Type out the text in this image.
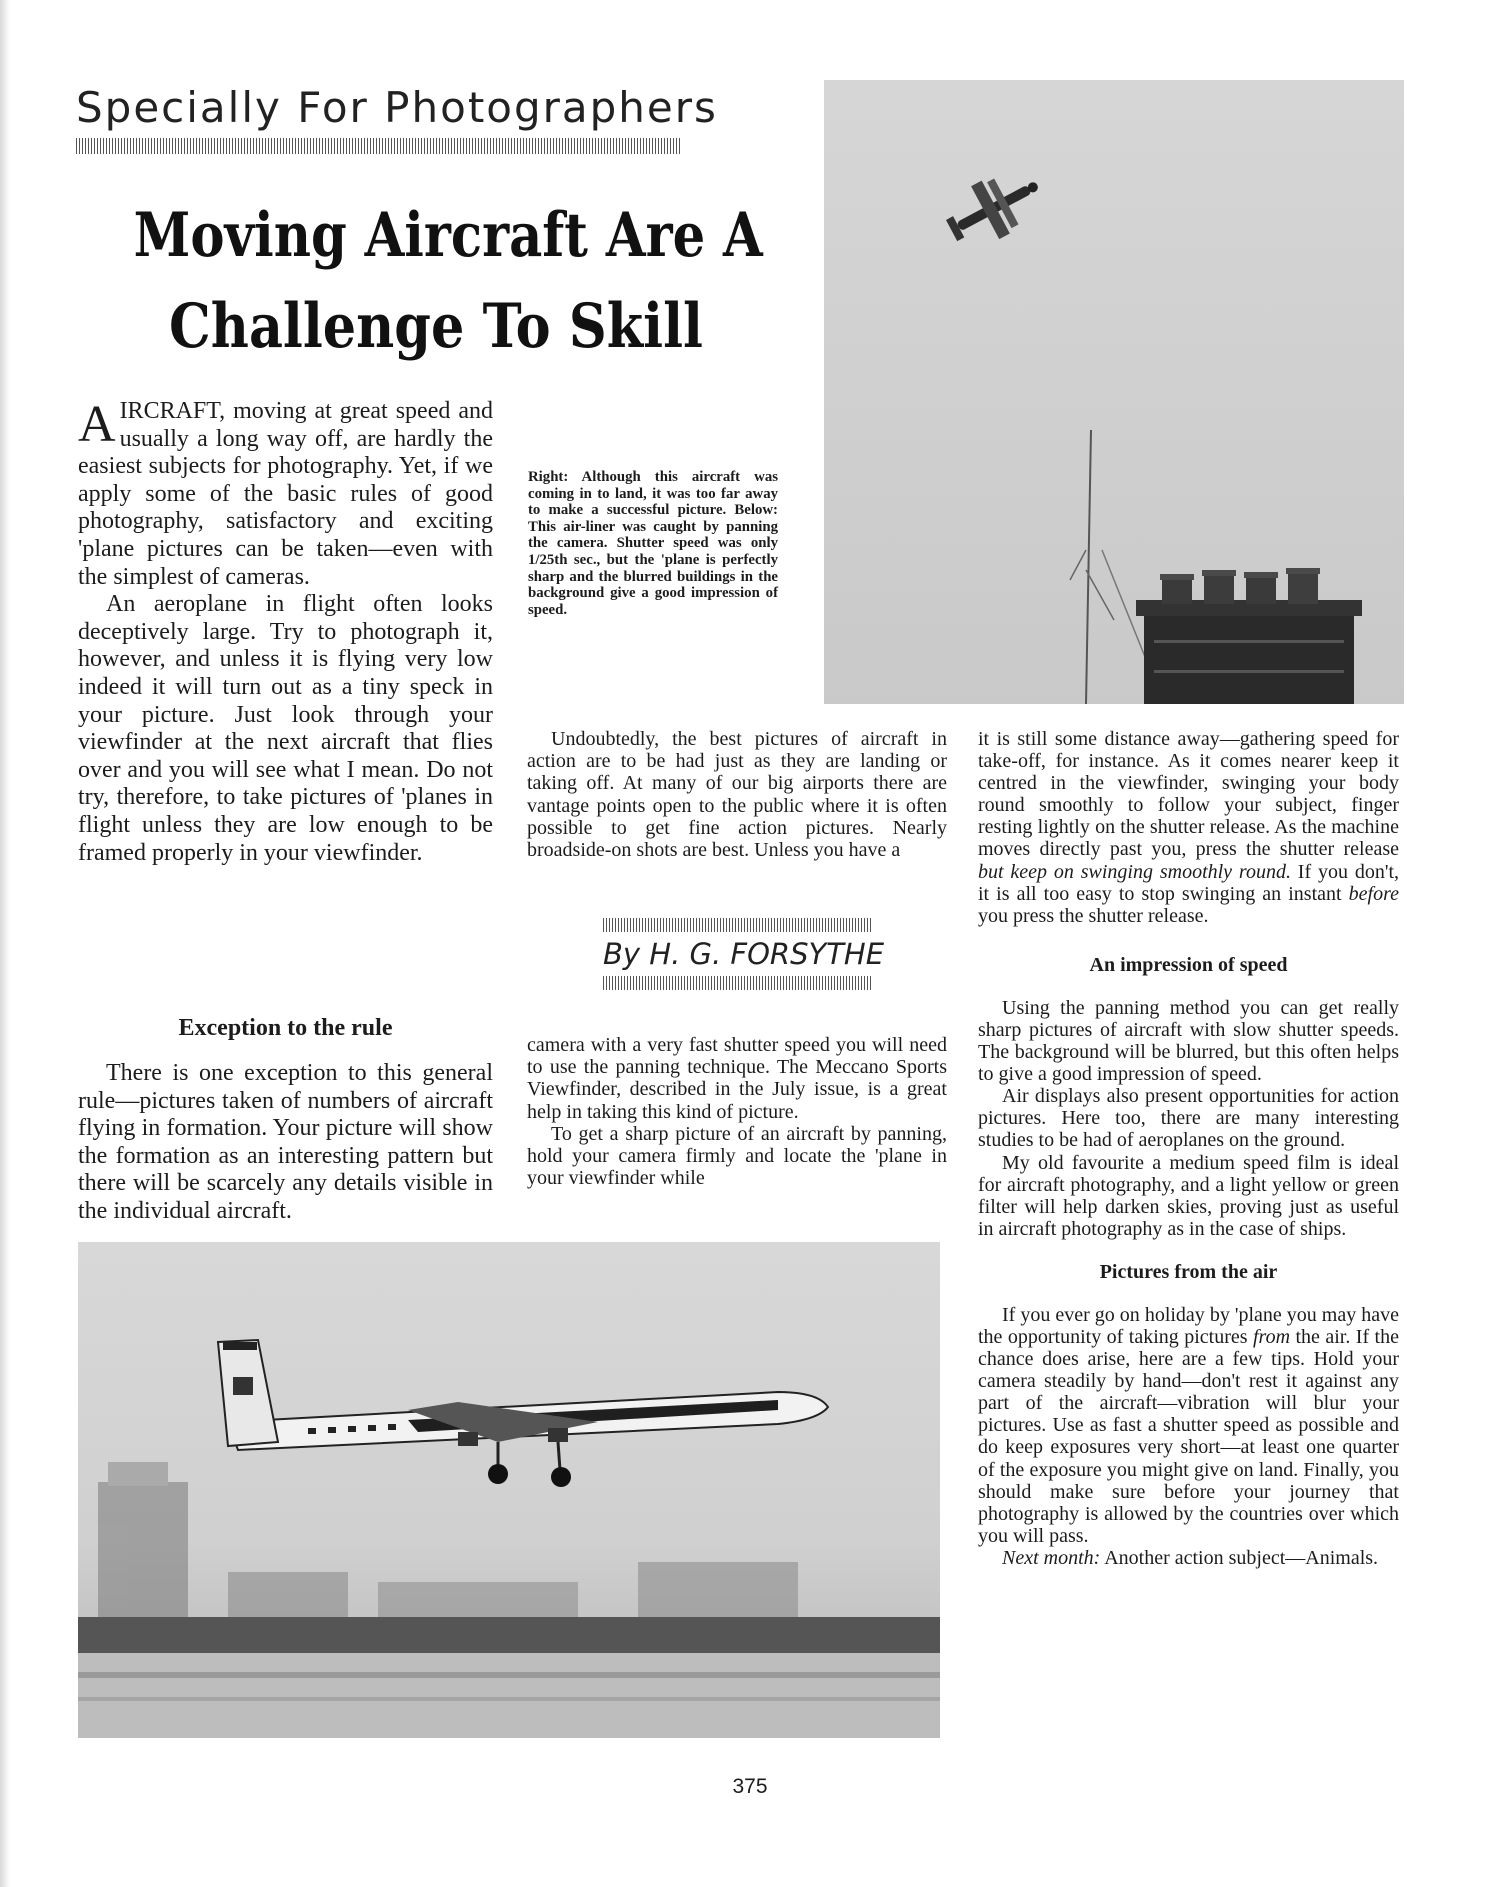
Specially For Photographers
Moving Aircraft Are A
Challenge To Skill

AIRCRAFT, moving at great speed and usually a long way off, are hardly the easiest subjects for photography. Yet, if we apply some of the basic rules of good photography, satisfactory and exciting 'plane pictures can be taken—even with the simplest of cameras.

An aeroplane in flight often looks deceptively large. Try to photograph it, however, and unless it is flying very low indeed it will turn out as a tiny speck in your picture. Just look through your viewfinder at the next aircraft that flies over and you will see what I mean. Do not try, therefore, to take pictures of 'planes in flight unless they are low enough to be framed properly in your viewfinder.

Exception to the rule

There is one exception to this general rule—pictures taken of numbers of aircraft flying in formation. Your picture will show the formation as an interesting pattern but there will be scarcely any details visible in the individual aircraft.

Right: Although this aircraft was coming in to land, it was too far away to make a successful picture. Below: This air-liner was caught by panning the camera. Shutter speed was only 1/25th sec., but the 'plane is perfectly sharp and the blurred buildings in the background give a good impression of speed.

Undoubtedly, the best pictures of aircraft in action are to be had just as they are landing or taking off. At many of our big airports there are vantage points open to the public where it is often possible to get fine action pictures. Nearly broadside-on shots are best. Unless you have a

By H. G. FORSYTHE

camera with a very fast shutter speed you will need to use the panning technique. The Meccano Sports Viewfinder, described in the July issue, is a great help in taking this kind of picture.

To get a sharp picture of an aircraft by panning, hold your camera firmly and locate the 'plane in your viewfinder while

it is still some distance away—gathering speed for take-off, for instance. As it comes nearer keep it centred in the viewfinder, swinging your body round smoothly to follow your subject, finger resting lightly on the shutter release. As the machine moves directly past you, press the shutter release but keep on swinging smoothly round. If you don't, it is all too easy to stop swinging an instant before you press the shutter release.

An impression of speed

Using the panning method you can get really sharp pictures of aircraft with slow shutter speeds. The background will be blurred, but this often helps to give a good impression of speed.

Air displays also present opportunities for action pictures. Here too, there are many interesting studies to be had of aeroplanes on the ground.

My old favourite a medium speed film is ideal for aircraft photography, and a light yellow or green filter will help darken skies, proving just as useful in aircraft photography as in the case of ships.

Pictures from the air

If you ever go on holiday by 'plane you may have the opportunity of taking pictures from the air. If the chance does arise, here are a few tips. Hold your camera steadily by hand—don't rest it against any part of the aircraft—vibration will blur your pictures. Use as fast a shutter speed as possible and do keep exposures very short—at least one quarter of the exposure you might give on land. Finally, you should make sure before your journey that photography is allowed by the countries over which you will pass.

Next month: Another action subject—Animals.

375
